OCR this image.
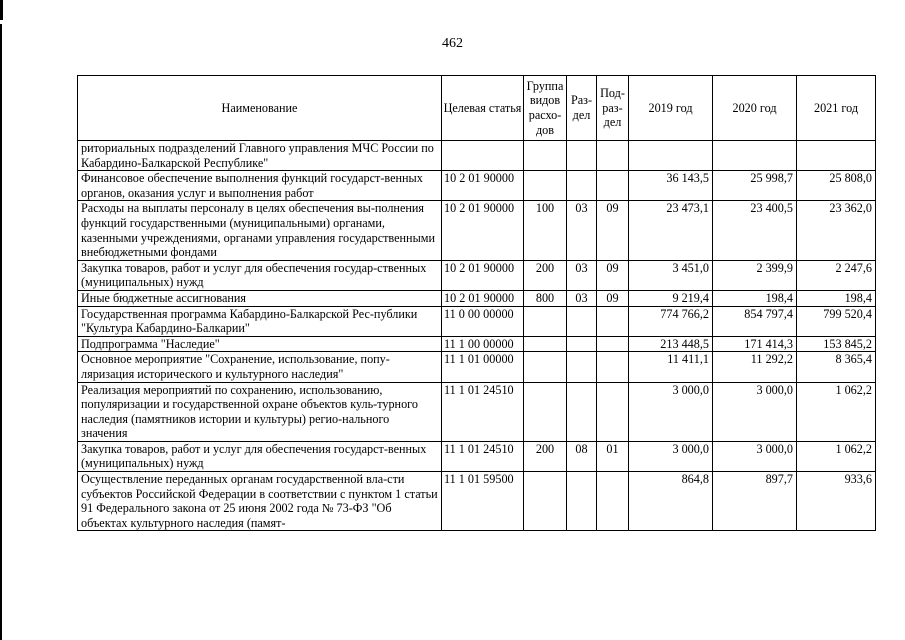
462
Наименование	Целевая статья	Группа видов расхо-дов	Раз-дел	Под-раз-дел	2019 год	2020 год	2021 год
риториальных подразделений Главного управления МЧС России по Кабардино-Балкарской Республике"							
Финансовое обеспечение выполнения функций государст-венных органов, оказания услуг и выполнения работ	10 2 01 90000				36 143,5	25 998,7	25 808,0
Расходы на выплаты персоналу в целях обеспечения вы-полнения функций государственными (муниципальными) органами, казенными учреждениями, органами управления государственными внебюджетными фондами	10 2 01 90000	100	03	09	23 473,1	23 400,5	23 362,0
Закупка товаров, работ и услуг для обеспечения государ-ственных (муниципальных) нужд	10 2 01 90000	200	03	09	3 451,0	2 399,9	2 247,6
Иные бюджетные ассигнования	10 2 01 90000	800	03	09	9 219,4	198,4	198,4
Государственная программа Кабардино-Балкарской Рес-публики "Культура Кабардино-Балкарии"	11 0 00 00000				774 766,2	854 797,4	799 520,4
Подпрограмма "Наследие"	11 1 00 00000				213 448,5	171 414,3	153 845,2
Основное мероприятие "Сохранение, использование, попу-ляризация исторического и культурного наследия"	11 1 01 00000				11 411,1	11 292,2	8 365,4
Реализация мероприятий по сохранению, использованию, популяризации и государственной охране объектов куль-турного наследия (памятников истории и культуры) регио-нального значения	11 1 01 24510				3 000,0	3 000,0	1 062,2
Закупка товаров, работ и услуг для обеспечения государст-венных (муниципальных) нужд	11 1 01 24510	200	08	01	3 000,0	3 000,0	1 062,2
Осуществление переданных органам государственной вла-сти субъектов Российской Федерации в соответствии с пунктом 1 статьи 91 Федерального закона от 25 июня 2002 года № 73-ФЗ "Об объектах культурного наследия (памят-	11 1 01 59500				864,8	897,7	933,6
